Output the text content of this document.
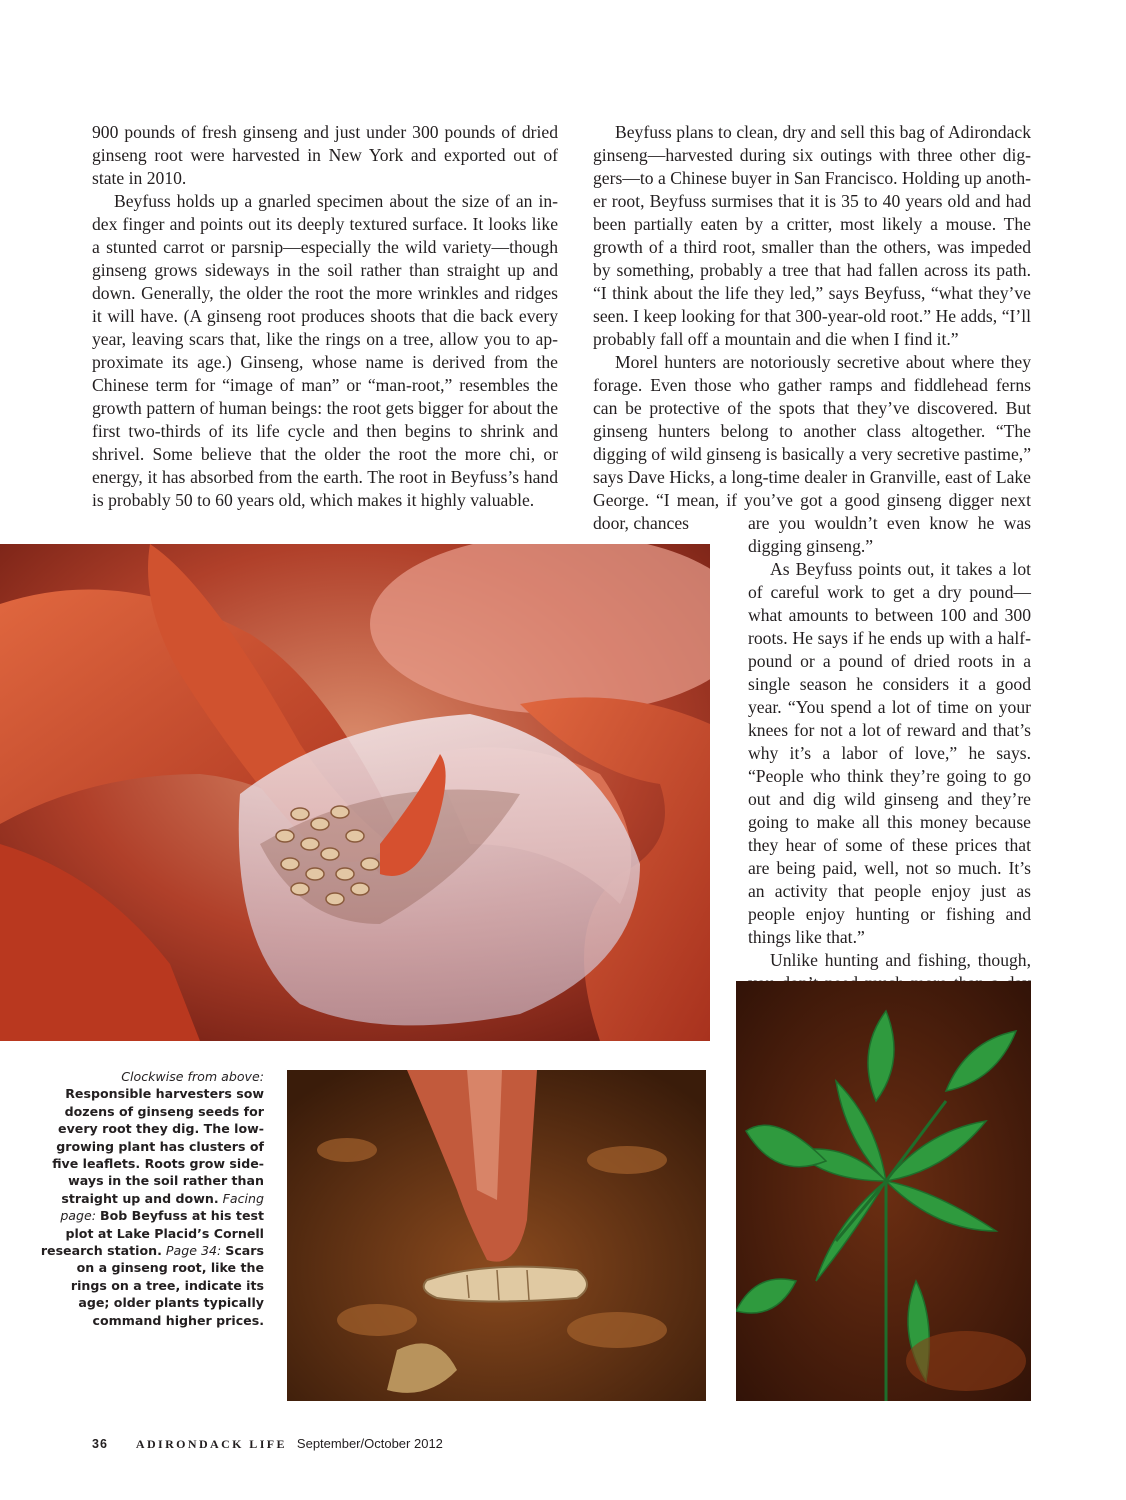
900 pounds of fresh ginseng and just under 300 pounds of dried ginseng root were harvested in New York and exported out of state in 2010.

Beyfuss holds up a gnarled specimen about the size of an index finger and points out its deeply textured surface. It looks like a stunted carrot or parsnip—especially the wild variety—though ginseng grows sideways in the soil rather than straight up and down. Generally, the older the root the more wrinkles and ridges it will have. (A ginseng root produces shoots that die back every year, leaving scars that, like the rings on a tree, allow you to approximate its age.) Ginseng, whose name is derived from the Chinese term for “image of man” or “man-root,” resembles the growth pattern of human beings: the root gets bigger for about the first two-thirds of its life cycle and then begins to shrink and shrivel. Some believe that the older the root the more chi, or energy, it has absorbed from the earth. The root in Beyfuss’s hand is probably 50 to 60 years old, which makes it highly valuable.

Beyfuss plans to clean, dry and sell this bag of Adirondack ginseng—harvested during six outings with three other diggers—to a Chinese buyer in San Francisco. Holding up another root, Beyfuss surmises that it is 35 to 40 years old and had been partially eaten by a critter, most likely a mouse. The growth of a third root, smaller than the others, was impeded by something, probably a tree that had fallen across its path. “I think about the life they led,” says Beyfuss, “what they’ve seen. I keep looking for that 300-year-old root.” He adds, “I’ll probably fall off a mountain and die when I find it.”

Morel hunters are notoriously secretive about where they forage. Even those who gather ramps and fiddlehead ferns can be protective of the spots that they’ve discovered. But ginseng hunters belong to another class altogether. “The digging of wild ginseng is basically a very secretive pastime,” says Dave Hicks, a long-time dealer in Granville, east of Lake George. “I mean, if you’ve got a good ginseng digger next door, chances	are you wouldn’t even know he was digging ginseng.”

As Beyfuss points out, it takes a lot of careful work to get a dry pound—what amounts to between 100 and 300 roots. He says if he ends up with a half-pound or a pound of dried roots in a single season he considers it a good year. “You spend a lot of time on your knees for not a lot of reward and that’s why it’s a labor of love,” he says. “People who think they’re going to go out and dig wild ginseng and they’re going to make all this money because they hear of some of these prices that are being paid, well, not so much. It’s an activity that people enjoy just as people enjoy hunting or fishing and things like that.”

Unlike hunting and fishing, though,

Clockwise from above: Responsible harvesters sow dozens of ginseng seeds for every root they dig. The low-growing plant has clusters of five leaflets. Roots grow sideways in the soil rather than straight up and down. Facing page: Bob Beyfuss at his test plot at Lake Placid’s Cornell research station. Page 34: Scars on a ginseng root, like the rings on a tree, indicate its age; older plants typically command higher prices.
36 ADIRONDACK LIFE September/October 2012
